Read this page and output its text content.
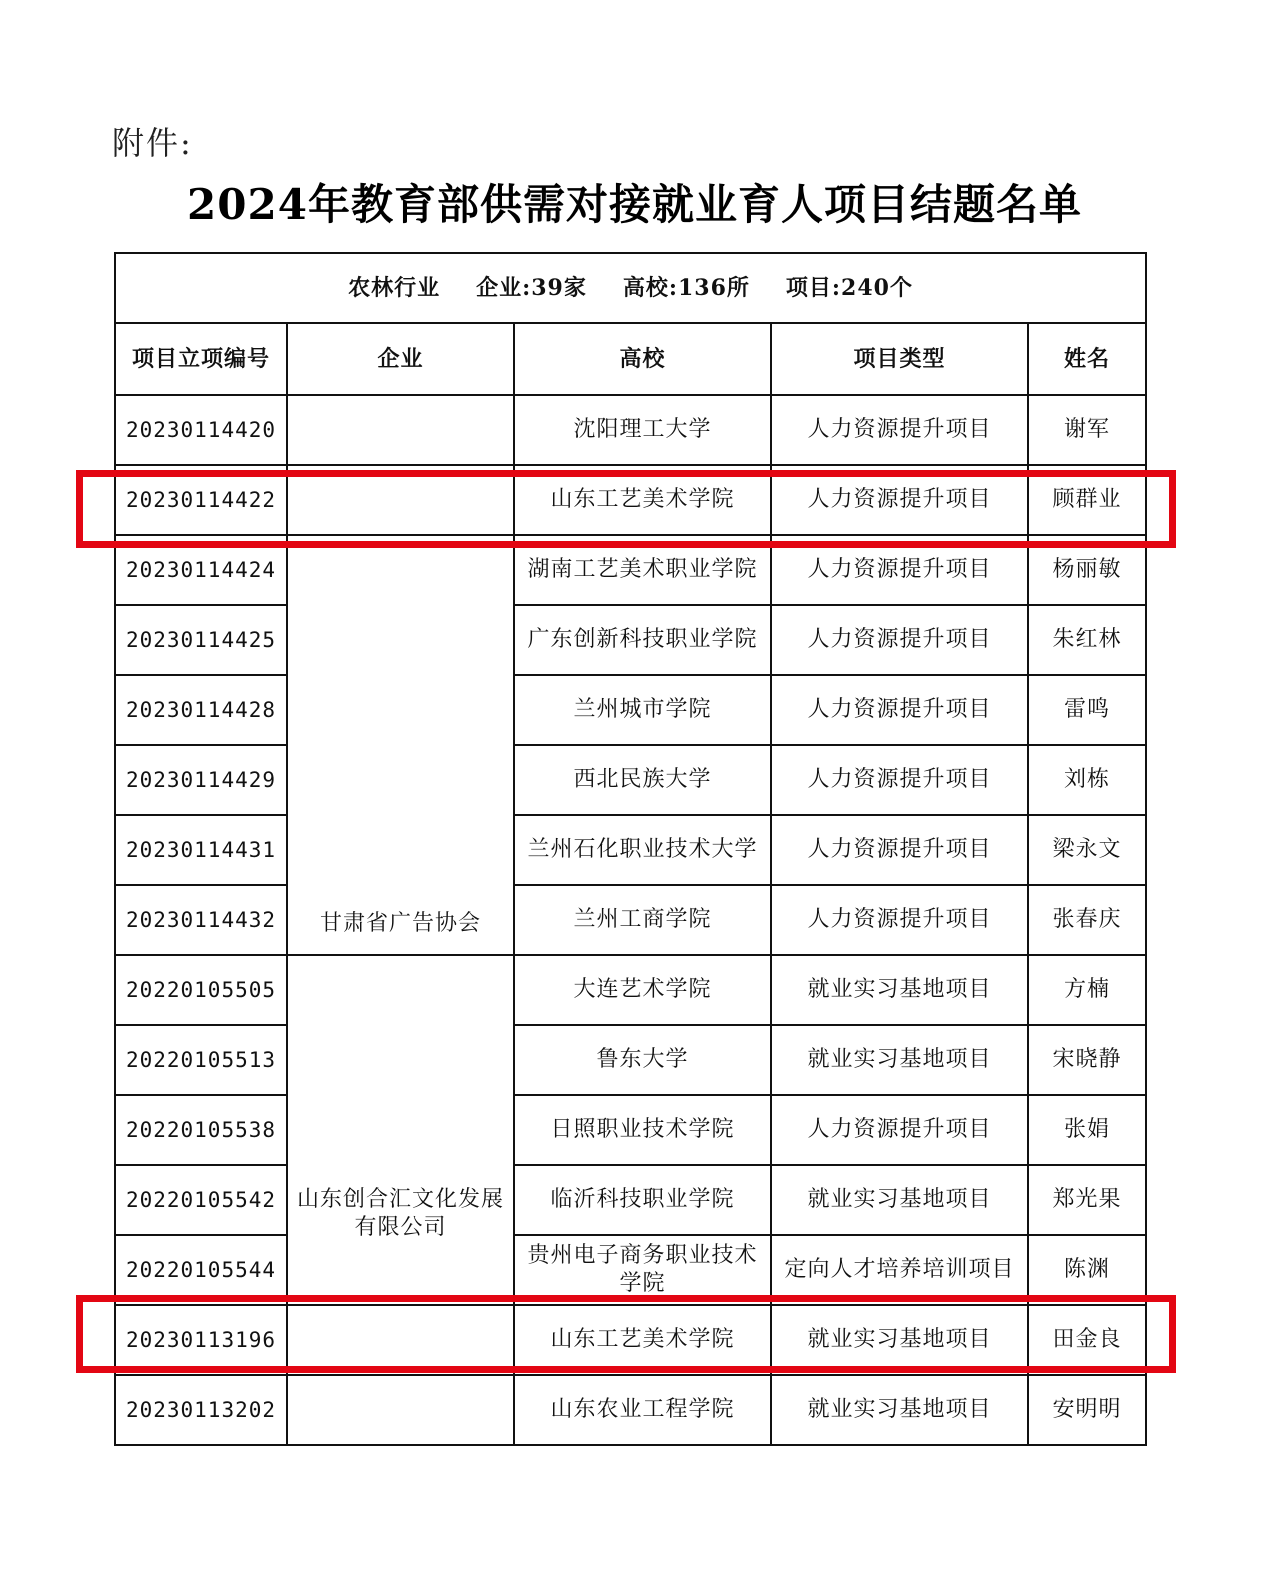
附件:
2024年教育部供需对接就业育人项目结题名单
农林行业 企业:39家 高校:136所 项目:240个				
项目立项编号	企业	高校	项目类型	姓名
20230114420		沈阳理工大学	人力资源提升项目	谢军
20230114422		山东工艺美术学院	人力资源提升项目	顾群业
20230114424	甘肃省广告协会	湖南工艺美术职业学院	人力资源提升项目	杨丽敏
20230114425		广东创新科技职业学院	人力资源提升项目	朱红林
20230114428		兰州城市学院	人力资源提升项目	雷鸣
20230114429		西北民族大学	人力资源提升项目	刘栋
20230114431		兰州石化职业技术大学	人力资源提升项目	梁永文
20230114432		兰州工商学院	人力资源提升项目	张春庆
20220105505	山东创合汇文化发展有限公司	大连艺术学院	就业实习基地项目	方楠
20220105513		鲁东大学	就业实习基地项目	宋晓静
20220105538		日照职业技术学院	人力资源提升项目	张娟
20220105542		临沂科技职业学院	就业实习基地项目	郑光果
20220105544		贵州电子商务职业技术学院	定向人才培养培训项目	陈渊
20230113196		山东工艺美术学院	就业实习基地项目	田金良
20230113202		山东农业工程学院	就业实习基地项目	安明明
